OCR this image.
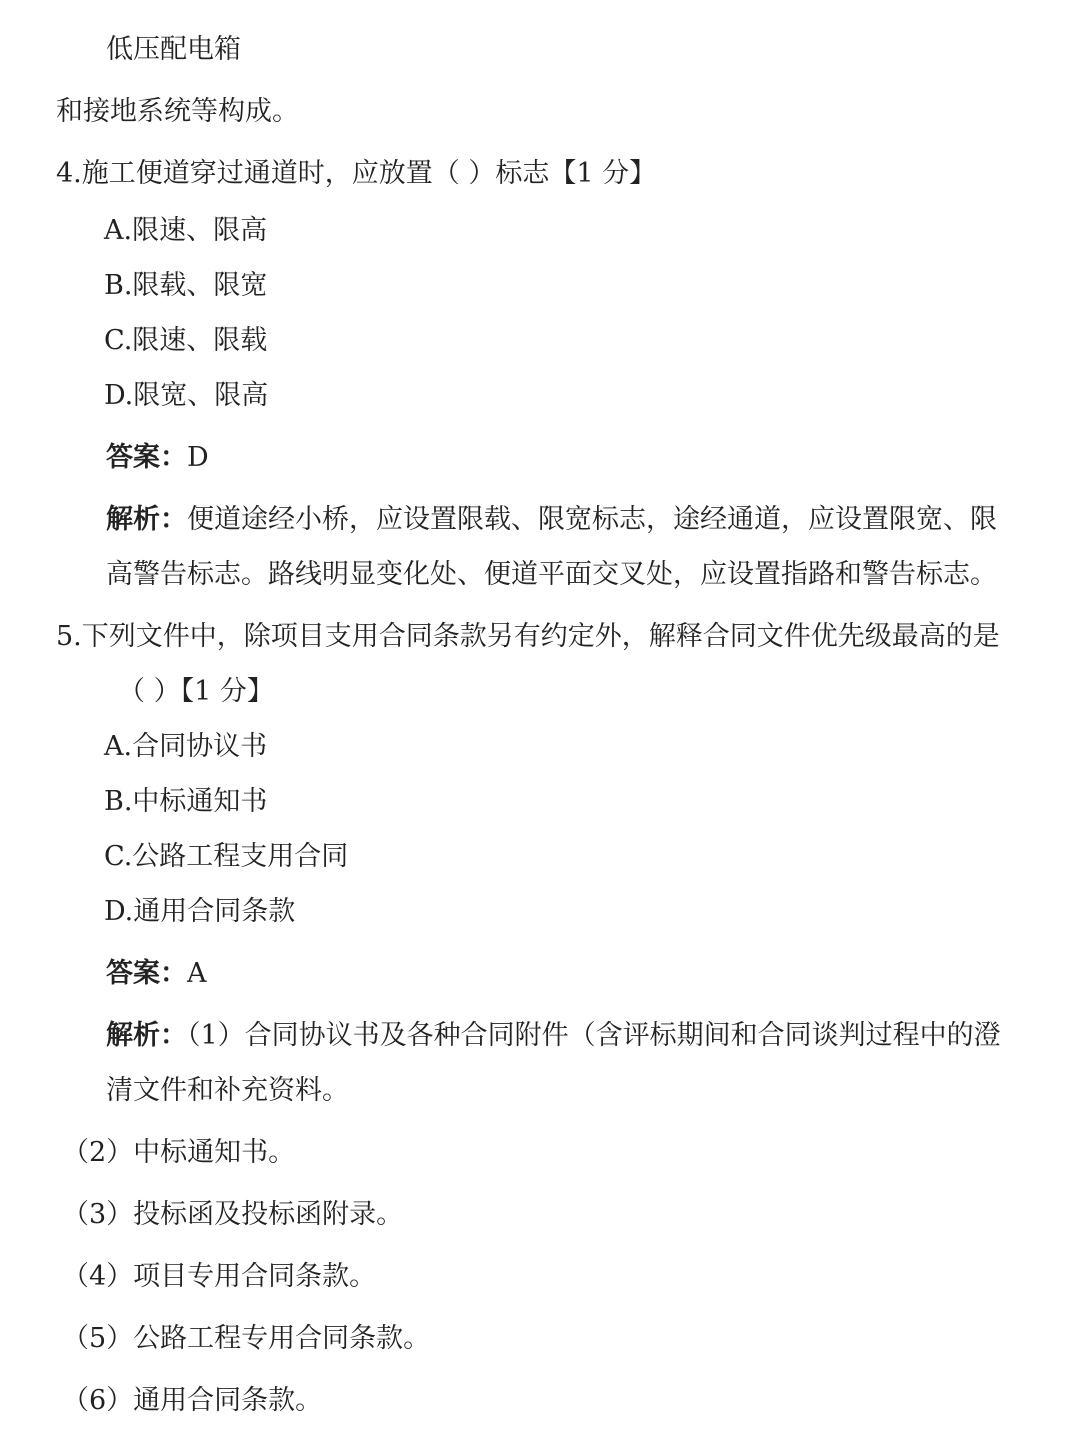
低压配电箱
和接地系统等构成。
4.施工便道穿过通道时，应放置（ ）标志【1 分】
A.限速、限高
B.限载、限宽
C.限速、限载
D.限宽、限高
答案：D
解析：便道途经小桥，应设置限载、限宽标志，途经通道，应设置限宽、限
高警告标志。路线明显变化处、便道平面交叉处，应设置指路和警告标志。
5.下列文件中，除项目支用合同条款另有约定外，解释合同文件优先级最高的是
（ ）【1 分】
A.合同协议书
B.中标通知书
C.公路工程支用合同
D.通用合同条款
答案：A
解析：（1）合同协议书及各种合同附件（含评标期间和合同谈判过程中的澄
清文件和补充资料。
（2）中标通知书。
（3）投标函及投标函附录。
（4）项目专用合同条款。
（5）公路工程专用合同条款。
（6）通用合同条款。
